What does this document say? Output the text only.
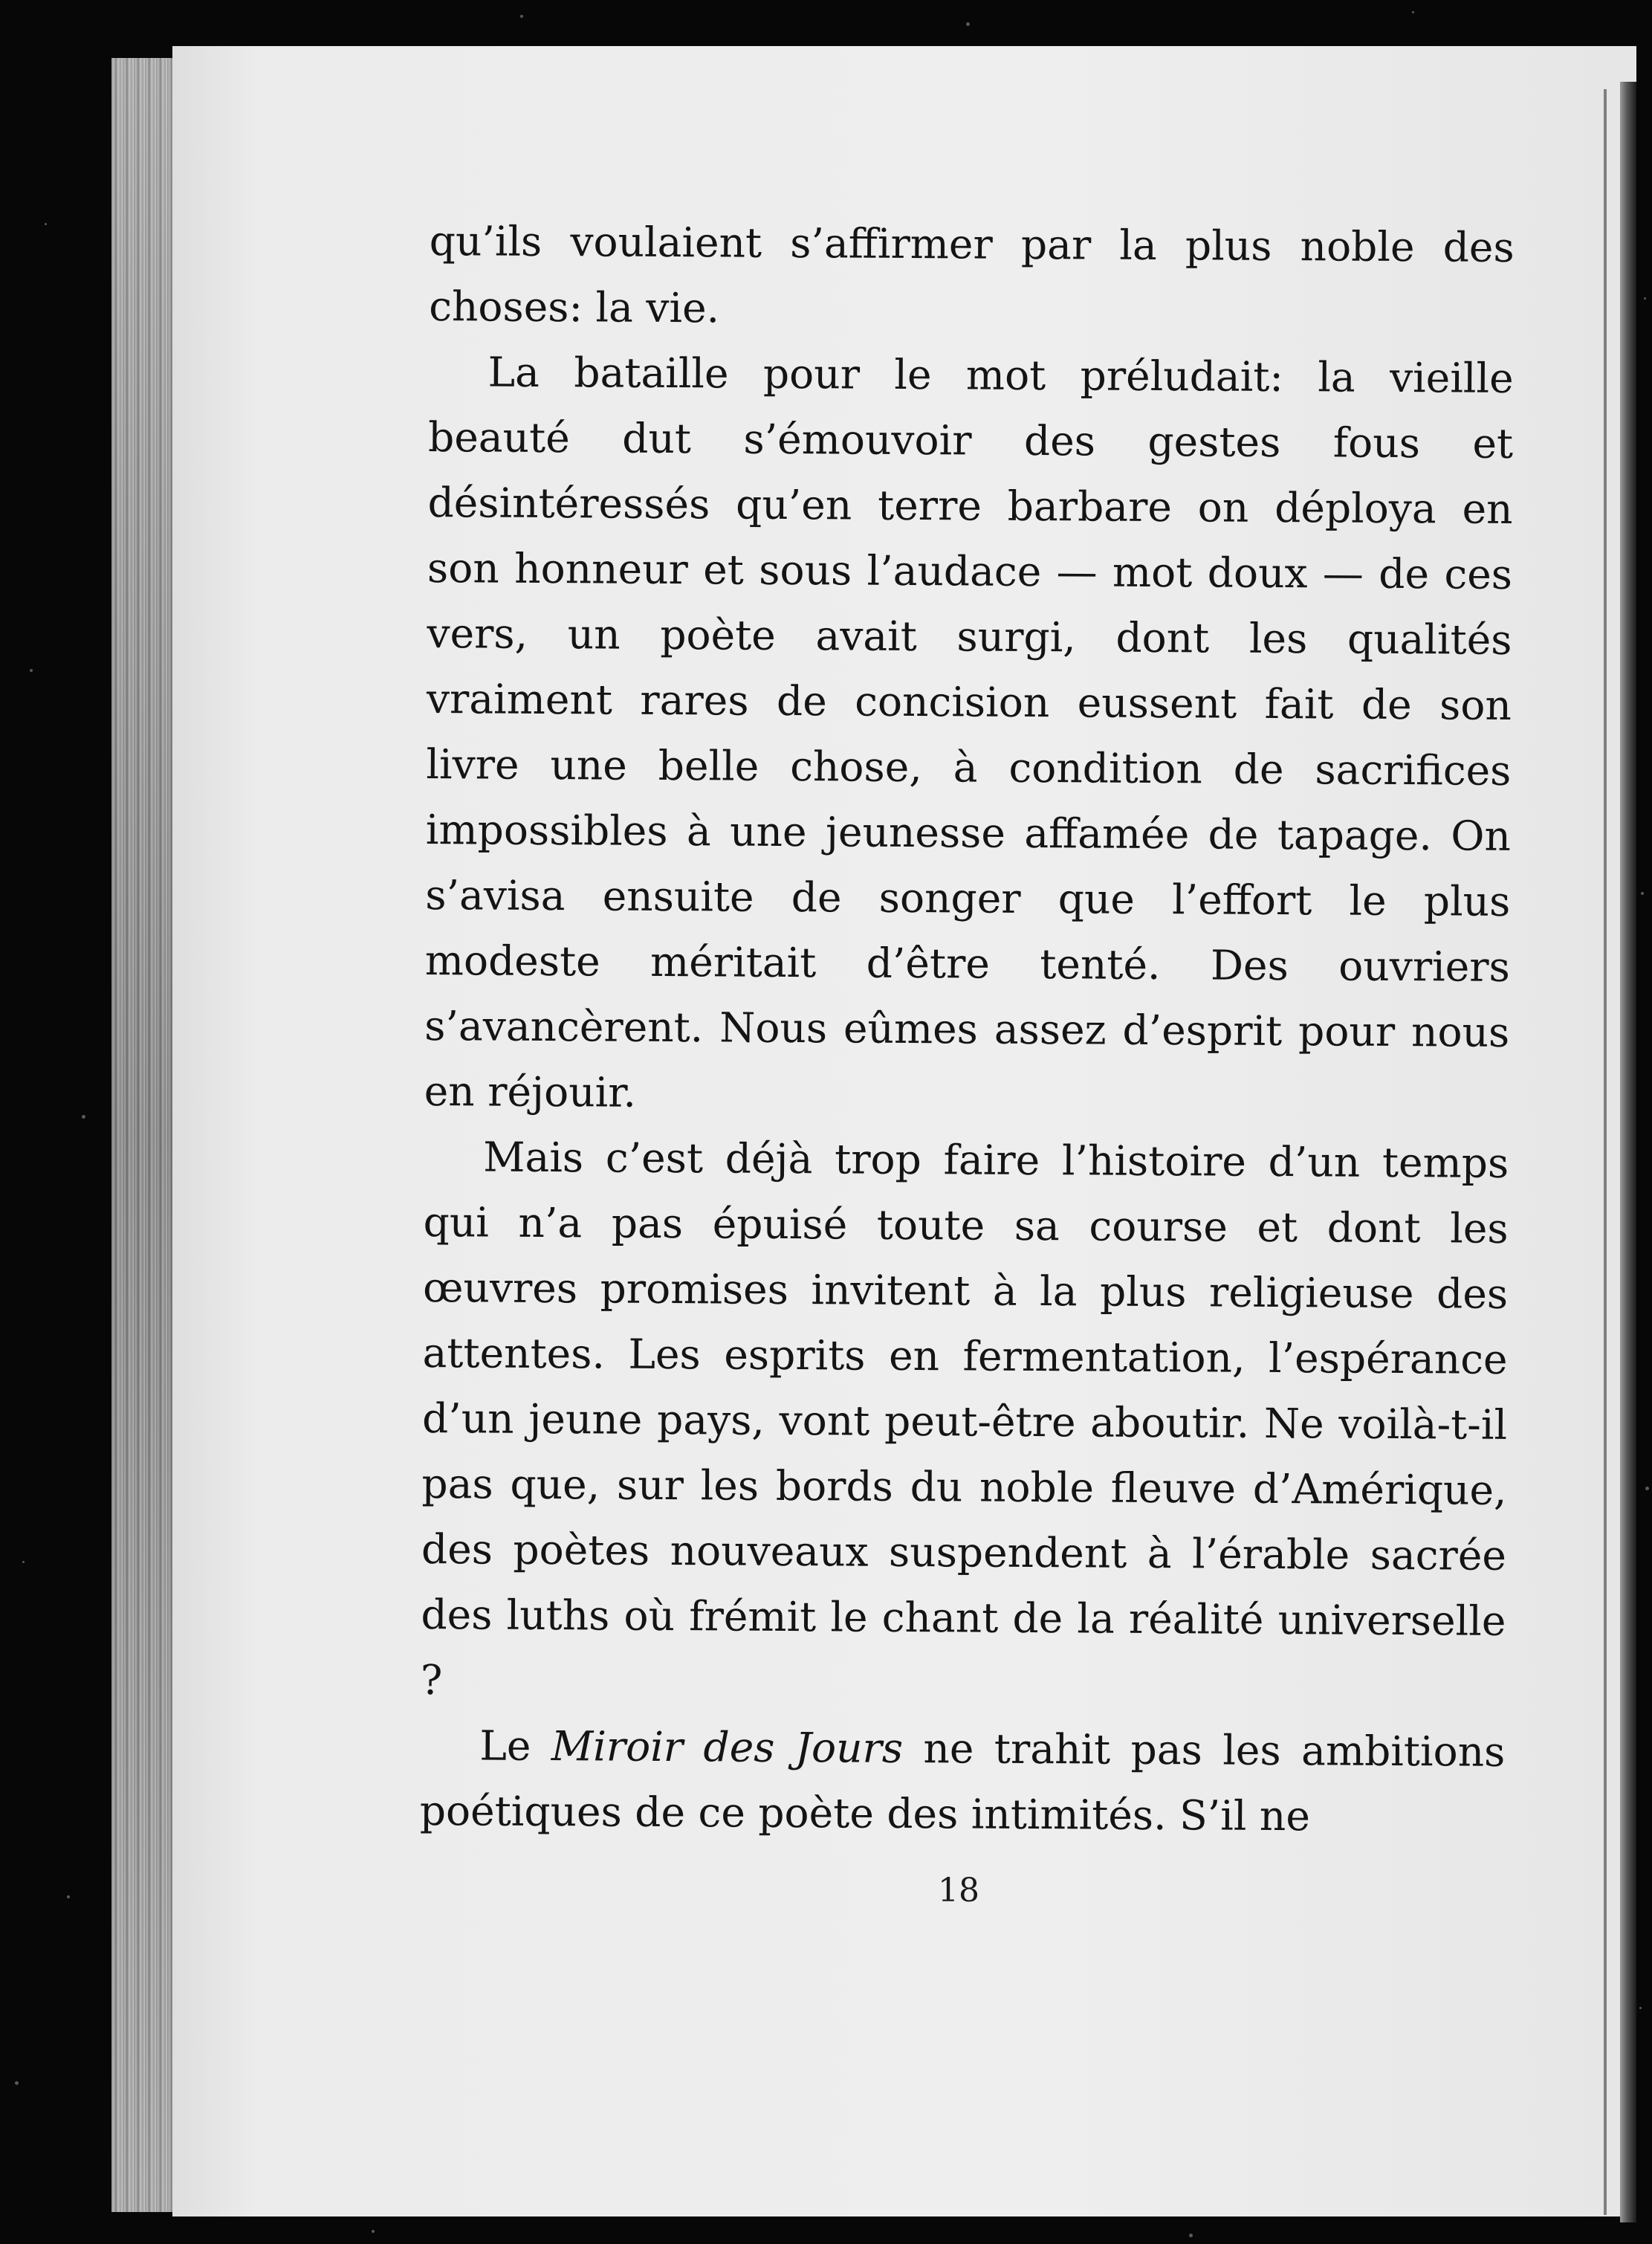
qu’ils voulaient s’affirmer par la plus noble des choses: la vie.

La bataille pour le mot préludait: la vieille beauté dut s’émouvoir des gestes fous et désintéressés qu’en terre barbare on déploya en son honneur et sous l’audace — mot doux — de ces vers, un poète avait surgi, dont les qualités vraiment rares de concision eussent fait de son livre une belle chose, à condition de sacrifices impossibles à une jeunesse affamée de tapage. On s’avisa ensuite de songer que l’effort le plus modeste méritait d’être tenté. Des ouvriers s’avancèrent. Nous eûmes assez d’esprit pour nous en réjouir.

Mais c’est déjà trop faire l’histoire d’un temps qui n’a pas épuisé toute sa course et dont les œuvres promises invitent à la plus religieuse des attentes. Les esprits en fermentation, l’espérance d’un jeune pays, vont peut-être aboutir. Ne voilà-t-il pas que, sur les bords du noble fleuve d’Amérique, des poètes nouveaux suspendent à l’érable sacrée des luths où frémit le chant de la réalité universelle ?

Le Miroir des Jours ne trahit pas les ambitions poétiques de ce poète des intimités. S’il ne

18
